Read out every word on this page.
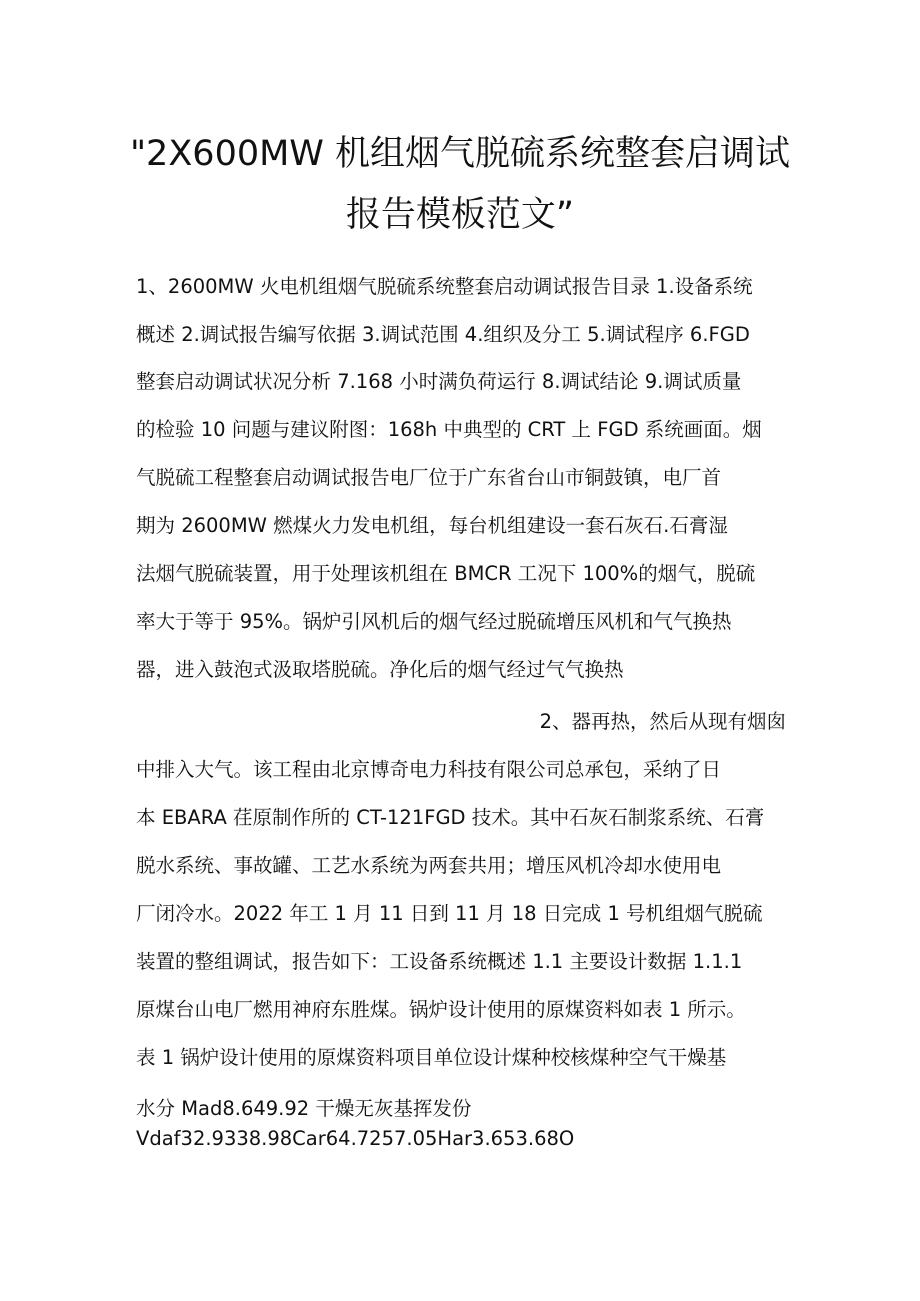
"2X600MW 机组烟气脱硫系统整套启调试
报告模板范文”

1、2600MW 火电机组烟气脱硫系统整套启动调试报告目录 1.设备系统

概述 2.调试报告编写依据 3.调试范围 4.组织及分工 5.调试程序 6.FGD

整套启动调试状况分析 7.168 小时满负荷运行 8.调试结论 9.调试质量

的检验 10 问题与建议附图：168h 中典型的 CRT 上 FGD 系统画面。烟

气脱硫工程整套启动调试报告电厂位于广东省台山市铜鼓镇，电厂首

期为 2600MW 燃煤火力发电机组，每台机组建设一套石灰石.石膏湿

法烟气脱硫装置，用于处理该机组在 BMCR 工况下 100%的烟气，脱硫

率大于等于 95%。锅炉引风机后的烟气经过脱硫增压风机和气气换热

器，进入鼓泡式汲取塔脱硫。净化后的烟气经过气气换热

2、器再热，然后从现有烟囱

中排入大气。该工程由北京博奇电力科技有限公司总承包，采纳了日

本 EBARA 荏原制作所的 CT-121FGD 技术。其中石灰石制浆系统、石膏

脱水系统、事故罐、工艺水系统为两套共用；增压风机冷却水使用电

厂闭冷水。2022 年工 1 月 11 日到 11 月 18 日完成 1 号机组烟气脱硫

装置的整组调试，报告如下：工设备系统概述 1.1 主要设计数据 1.1.1

原煤台山电厂燃用神府东胜煤。锅炉设计使用的原煤资料如表 1 所示。

表 1 锅炉设计使用的原煤资料项目单位设计煤种校核煤种空气干燥基

水分 Mad8.649.92 干燥无灰基挥发份

Vdaf32.9338.98Car64.7257.05Har3.653.68O
